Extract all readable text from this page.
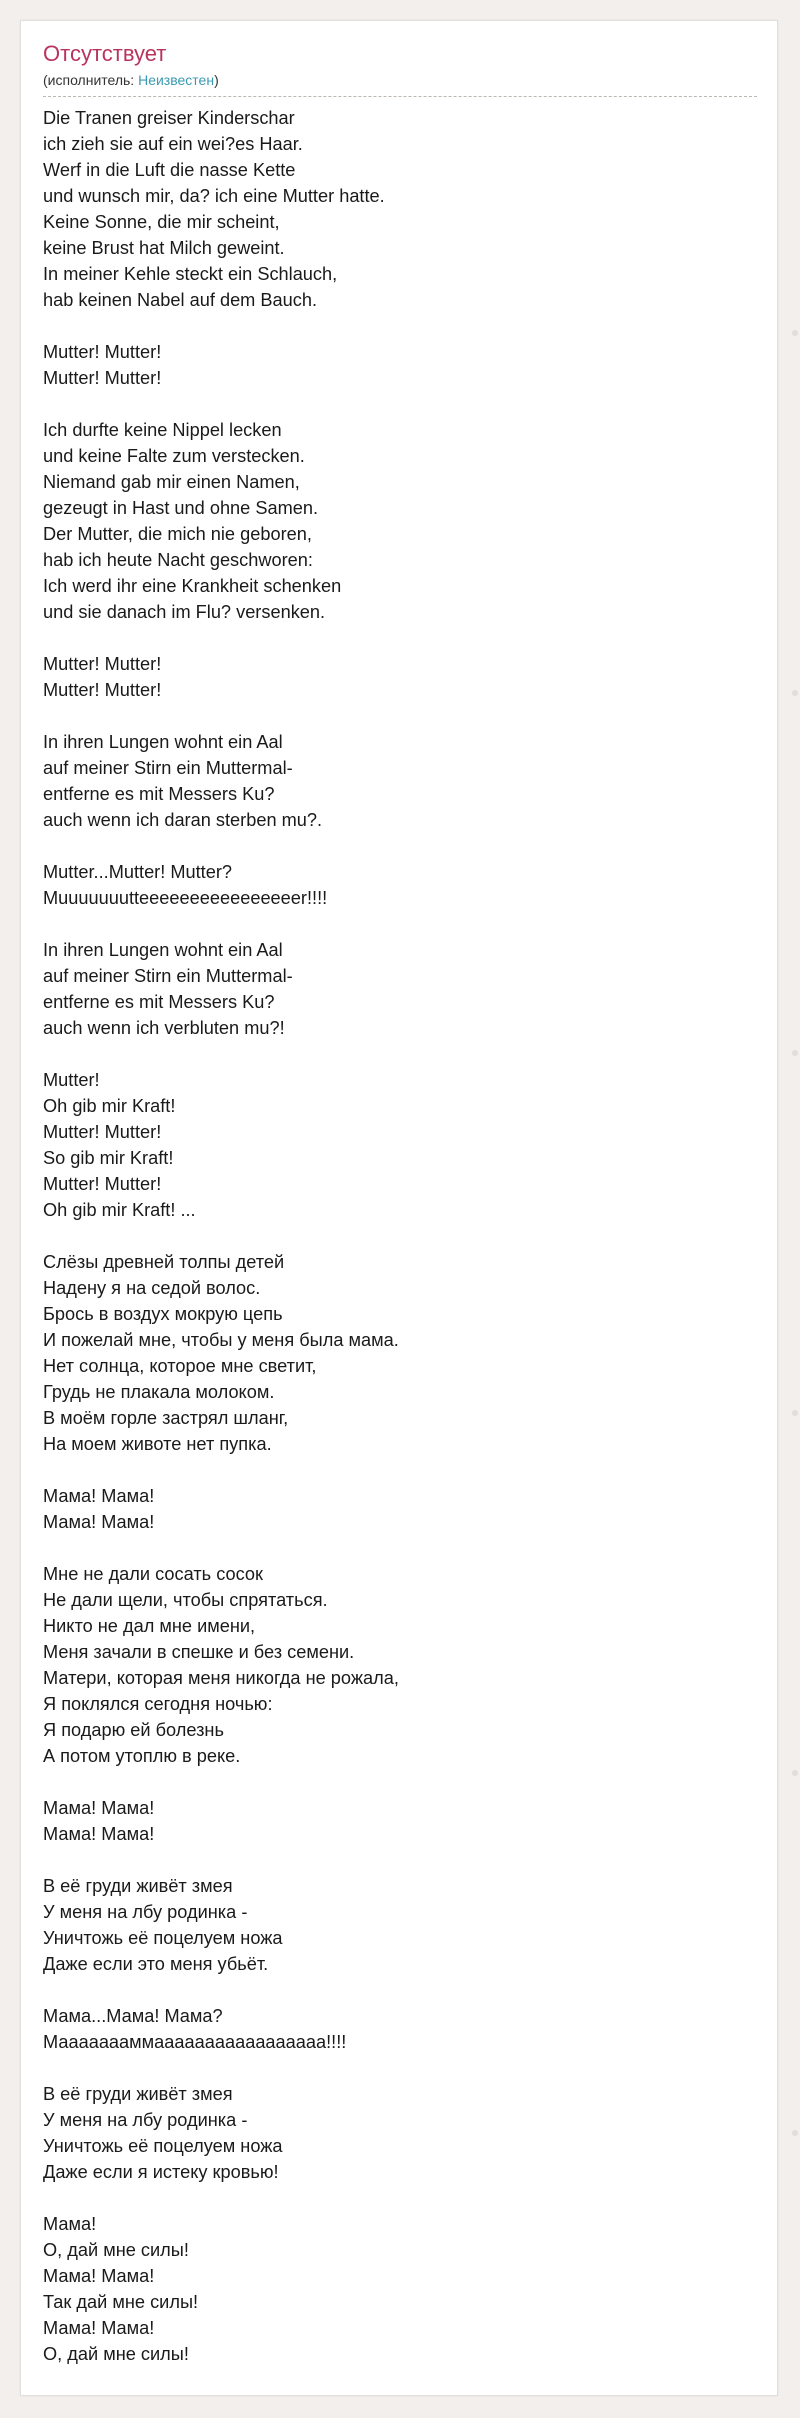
Отсутствует
(исполнитель: Неизвестен)
Die Tranen greiser Kinderschar
ich zieh sie auf ein wei?es Haar.
Werf in die Luft die nasse Kette
und wunsch mir, da? ich eine Mutter hatte.
Keine Sonne, die mir scheint,
keine Brust hat Milch geweint.
In meiner Kehle steckt ein Schlauch,
hab keinen Nabel auf dem Bauch.
Mutter! Mutter!
Mutter! Mutter!
Ich durfte keine Nippel lecken
und keine Falte zum verstecken.
Niemand gab mir einen Namen,
gezeugt in Hast und ohne Samen.
Der Mutter, die mich nie geboren,
hab ich heute Nacht geschworen:
Ich werd ihr eine Krankheit schenken
und sie danach im Flu? versenken.
Mutter! Mutter!
Mutter! Mutter!
In ihren Lungen wohnt ein Aal
auf meiner Stirn ein Muttermal-
entferne es mit Messers Ku?
auch wenn ich daran sterben mu?.
Mutter...Mutter! Mutter?
Muuuuuuutteeeeeeeeeeeeeeeer!!!!
In ihren Lungen wohnt ein Aal
auf meiner Stirn ein Muttermal-
entferne es mit Messers Ku?
auch wenn ich verbluten mu?!
Mutter!
Oh gib mir Kraft!
Mutter! Mutter!
So gib mir Kraft!
Mutter! Mutter!
Oh gib mir Kraft! ...
Слёзы древней толпы детей
Надену я на седой волос.
Брось в воздух мокрую цепь
И пожелай мне, чтобы у меня была мама.
Нет солнца, которое мне светит,
Грудь не плакала молоком.
В моём горле застрял шланг,
На моем животе нет пупка.
Мама! Мама!
Мама! Мама!
Мне не дали сосать сосок
Не дали щели, чтобы спрятаться.
Никто не дал мне имени,
Меня зачали в спешке и без семени.
Матери, которая меня никогда не рожала,
Я поклялся сегодня ночью:
Я подарю ей болезнь
А потом утоплю в реке.
Мама! Мама!
Мама! Мама!
В её груди живёт змея
У меня на лбу родинка -
Уничтожь её поцелуем ножа
Даже если это меня убьёт.
Мама...Мама! Мама?
Маааааааммааааааааааааааааа!!!!
В её груди живёт змея
У меня на лбу родинка -
Уничтожь её поцелуем ножа
Даже если я истеку кровью!
Мама!
О, дай мне силы!
Мама! Мама!
Так дай мне силы!
Мама! Мама!
О, дай мне силы!
